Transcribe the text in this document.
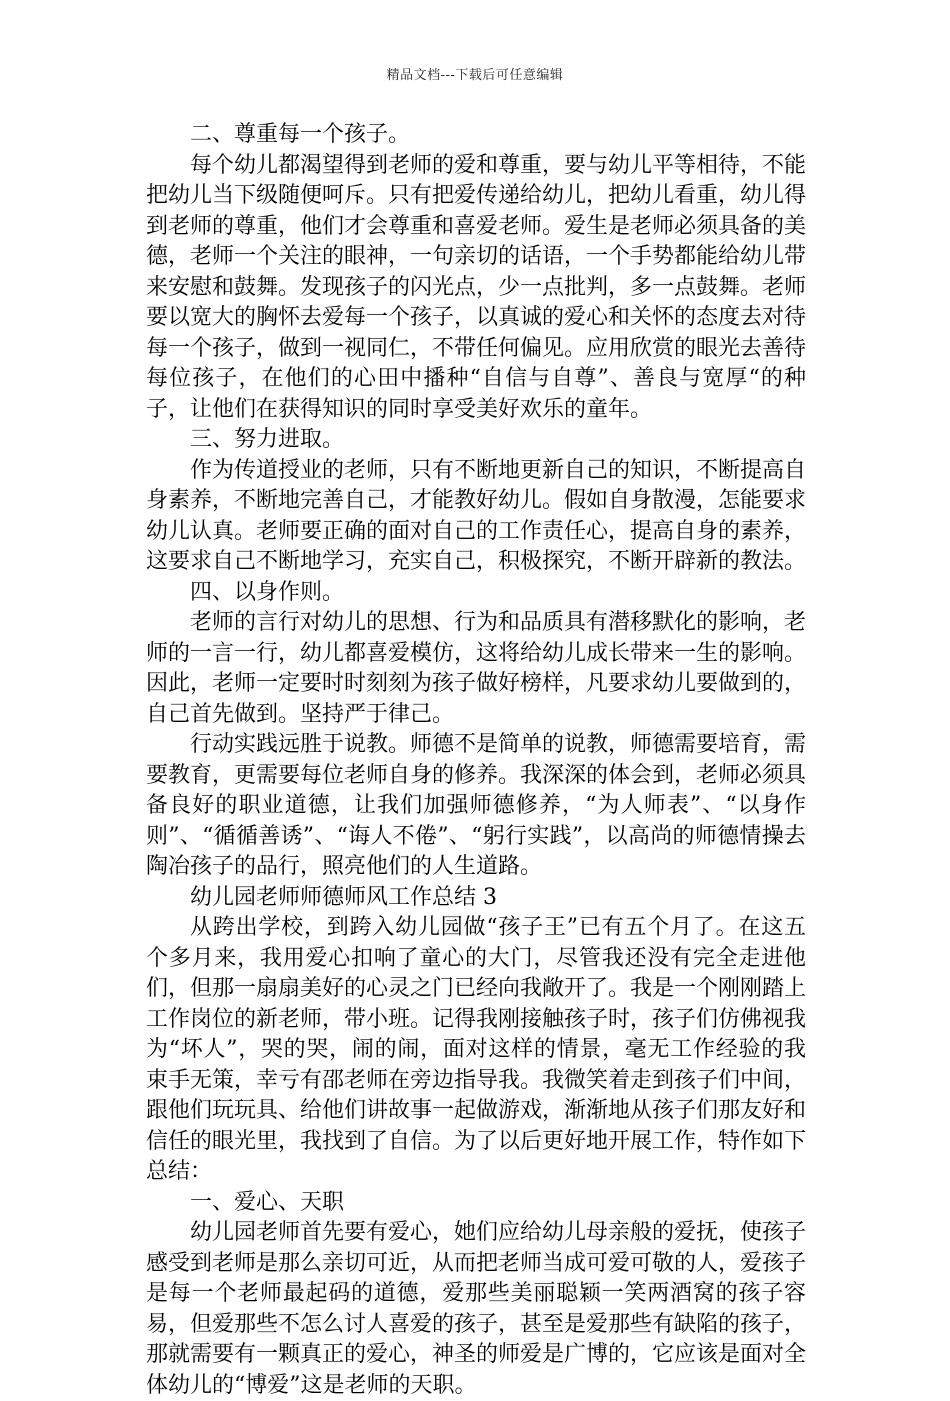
精品文档---下载后可任意编辑

二、尊重每一个孩子。

每个幼儿都渴望得到老师的爱和尊重，要与幼儿平等相待，不能把幼儿当下级随便呵斥。只有把爱传递给幼儿，把幼儿看重，幼儿得到老师的尊重，他们才会尊重和喜爱老师。爱生是老师必须具备的美德，老师一个关注的眼神，一句亲切的话语，一个手势都能给幼儿带来安慰和鼓舞。发现孩子的闪光点，少一点批判，多一点鼓舞。老师要以宽大的胸怀去爱每一个孩子，以真诚的爱心和关怀的态度去对待每一个孩子，做到一视同仁，不带任何偏见。应用欣赏的眼光去善待每位孩子，在他们的心田中播种“自信与自尊”、善良与宽厚“的种子，让他们在获得知识的同时享受美好欢乐的童年。

三、努力进取。

作为传道授业的老师，只有不断地更新自己的知识，不断提高自身素养，不断地完善自己，才能教好幼儿。假如自身散漫，怎能要求幼儿认真。老师要正确的面对自己的工作责任心，提高自身的素养，这要求自己不断地学习，充实自己，积极探究，不断开辟新的教法。

四、以身作则。

老师的言行对幼儿的思想、行为和品质具有潜移默化的影响，老师的一言一行，幼儿都喜爱模仿，这将给幼儿成长带来一生的影响。因此，老师一定要时时刻刻为孩子做好榜样，凡要求幼儿要做到的，自己首先做到。坚持严于律己。

行动实践远胜于说教。师德不是简单的说教，师德需要培育，需要教育，更需要每位老师自身的修养。我深深的体会到，老师必须具备良好的职业道德，让我们加强师德修养，“为人师表”、“以身作则”、“循循善诱”、“诲人不倦”、“躬行实践”，以高尚的师德情操去陶冶孩子的品行，照亮他们的人生道路。

幼儿园老师师德师风工作总结 3

从跨出学校，到跨入幼儿园做“孩子王”已有五个月了。在这五个多月来，我用爱心扣响了童心的大门，尽管我还没有完全走进他们，但那一扇扇美好的心灵之门已经向我敞开了。我是一个刚刚踏上工作岗位的新老师，带小班。记得我刚接触孩子时，孩子们仿佛视我为“坏人”，哭的哭，闹的闹，面对这样的情景，毫无工作经验的我束手无策，幸亏有邵老师在旁边指导我。我微笑着走到孩子们中间，跟他们玩玩具、给他们讲故事一起做游戏，渐渐地从孩子们那友好和信任的眼光里，我找到了自信。为了以后更好地开展工作，特作如下总结：

一、爱心、天职

幼儿园老师首先要有爱心，她们应给幼儿母亲般的爱抚，使孩子感受到老师是那么亲切可近，从而把老师当成可爱可敬的人，爱孩子是每一个老师最起码的道德，爱那些美丽聪颖一笑两酒窝的孩子容易，但爱那些不怎么讨人喜爱的孩子，甚至是爱那些有缺陷的孩子，那就需要有一颗真正的爱心，神圣的师爱是广博的，它应该是面对全体幼儿的“博爱”这是老师的天职。
